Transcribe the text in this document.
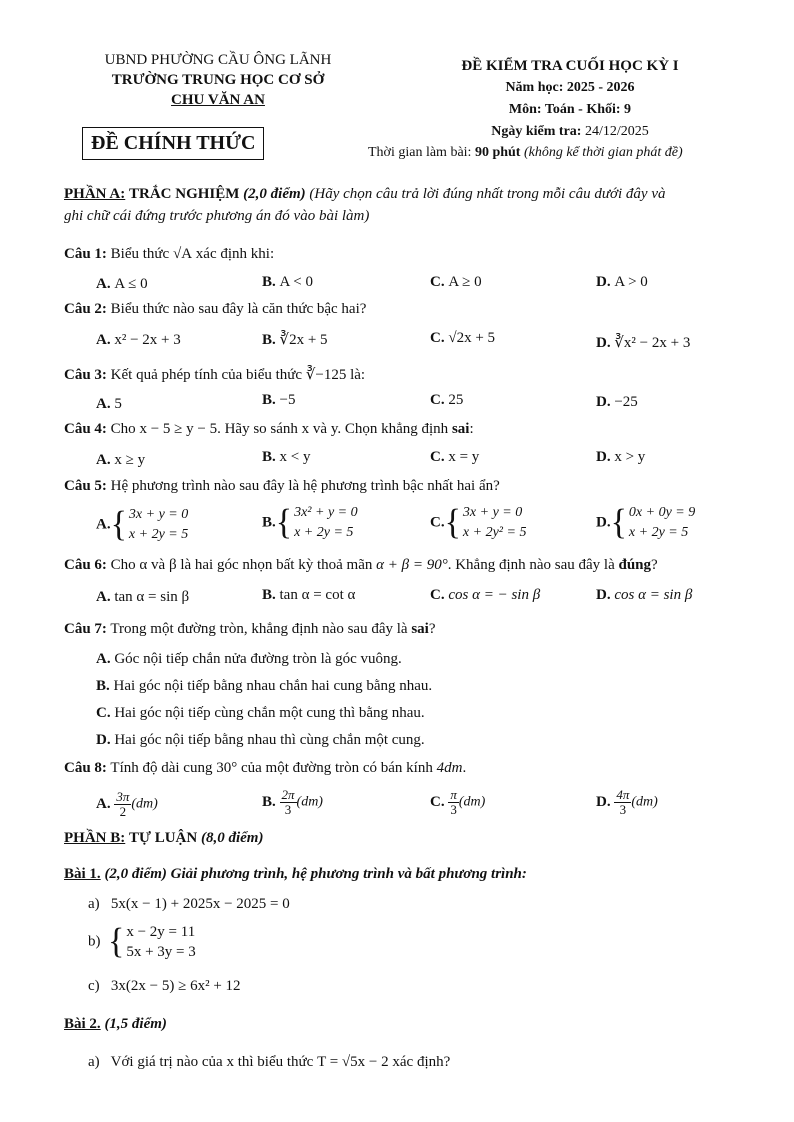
UBND PHƯỜNG CẦU ÔNG LÃNH
TRƯỜNG TRUNG HỌC CƠ SỞ
CHU VĂN AN
ĐỀ CHÍNH THỨC
ĐỀ KIỂM TRA CUỐI HỌC KỲ I
Năm học: 2025 - 2026
Môn: Toán - Khối: 9
Ngày kiểm tra: 24/12/2025
Thời gian làm bài: 90 phút (không kể thời gian phát đề)
PHẦN A: TRẮC NGHIỆM (2,0 điểm) (Hãy chọn câu trả lời đúng nhất trong mỗi câu dưới đây và
ghi chữ cái đứng trước phương án đó vào bài làm)
Câu 1: Biểu thức √A xác định khi:
A. A ≤ 0	B. A < 0	C. A ≥ 0	D. A > 0
Câu 2: Biểu thức nào sau đây là căn thức bậc hai?
A. x² − 2x + 3	B. ∛2x + 5	C. √2x + 5	D. ∛x² − 2x + 3
Câu 3: Kết quả phép tính của biểu thức ∛−125 là:
A. 5	B. −5	C. 25	D. −25
Câu 4: Cho x − 5 ≥ y − 5. Hãy so sánh x và y. Chọn khẳng định sai:
A. x ≥ y	B. x < y	C. x = y	D. x > y
Câu 5: Hệ phương trình nào sau đây là hệ phương trình bậc nhất hai ẩn?
A.{ 3x + y = 0
x + 2y = 5
B.{ 3x² + y = 0
x + 2y = 5
C.{ 3x + y = 0
x + 2y² = 5
D.{ 0x + 0y = 9
x + 2y = 5
Câu 6: Cho α và β là hai góc nhọn bất kỳ thoả mãn α + β = 90°. Khẳng định nào sau đây là đúng?
A. tan α = sin β	B. tan α = cot α	C. cos α = − sin β	D. cos α = sin β
Câu 7: Trong một đường tròn, khẳng định nào sau đây là sai?
A. Góc nội tiếp chắn nửa đường tròn là góc vuông.
B. Hai góc nội tiếp bằng nhau chắn hai cung bằng nhau.
C. Hai góc nội tiếp cùng chắn một cung thì bằng nhau.
D. Hai góc nội tiếp bằng nhau thì cùng chắn một cung.
Câu 8: Tính độ dài cung 30° của một đường tròn có bán kính 4dm.
A. $\frac{3\pi}{2} (dm)$	B. $\frac{2\pi}{3} (dm)$	C. $\frac{\pi}{3} (dm)$	D. $\frac{4\pi}{3} (dm)$
PHẦN B: TỰ LUẬN (8,0 điểm)
Bài 1. (2,0 điểm) Giải phương trình, hệ phương trình và bất phương trình:
a) 5x(x − 1) + 2025x − 2025 = 0
b) { x − 2y = 11
5x + 3y = 3
c) 3x(2x − 5) ≥ 6x² + 12
Bài 2. (1,5 điểm)
a) Với giá trị nào của x thì biểu thức T = √5x − 2 xác định?
